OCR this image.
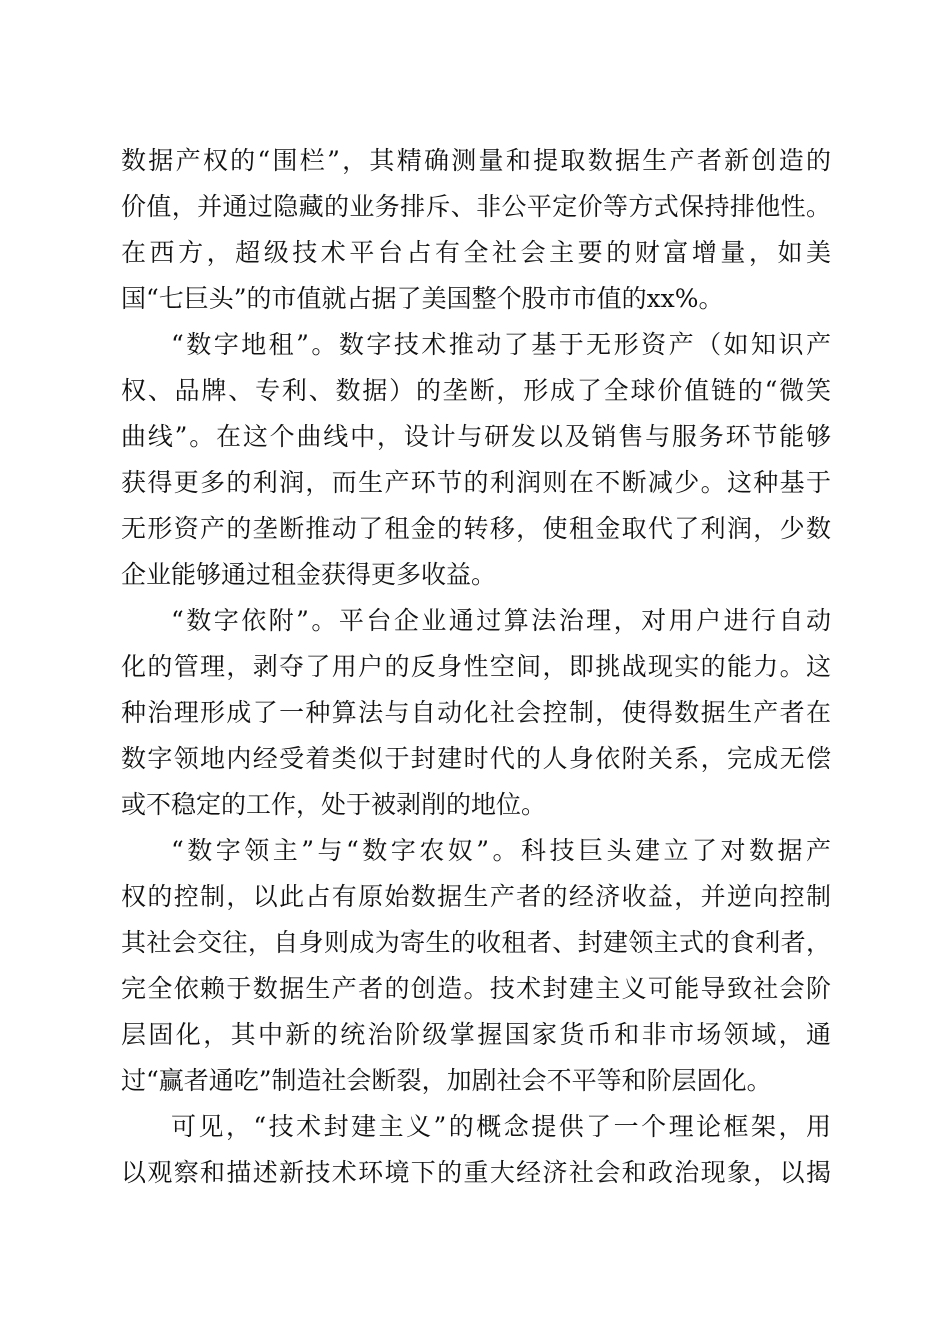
数据产权的“围栏”，其精确测量和提取数据生产者新创造的

价值，并通过隐藏的业务排斥、非公平定价等方式保持排他性。

在西方，超级技术平台占有全社会主要的财富增量，如美

国“七巨头”的市值就占据了美国整个股市市值的xx%。

“数字地租”。数字技术推动了基于无形资产（如知识产

权、品牌、专利、数据）的垄断，形成了全球价值链的“微笑

曲线”。在这个曲线中，设计与研发以及销售与服务环节能够

获得更多的利润，而生产环节的利润则在不断减少。这种基于

无形资产的垄断推动了租金的转移，使租金取代了利润，少数

企业能够通过租金获得更多收益。

“数字依附”。平台企业通过算法治理，对用户进行自动

化的管理，剥夺了用户的反身性空间，即挑战现实的能力。这

种治理形成了一种算法与自动化社会控制，使得数据生产者在

数字领地内经受着类似于封建时代的人身依附关系，完成无偿

或不稳定的工作，处于被剥削的地位。

“数字领主”与“数字农奴”。科技巨头建立了对数据产

权的控制，以此占有原始数据生产者的经济收益，并逆向控制

其社会交往，自身则成为寄生的收租者、封建领主式的食利者，

完全依赖于数据生产者的创造。技术封建主义可能导致社会阶

层固化，其中新的统治阶级掌握国家货币和非市场领域，通

过“赢者通吃”制造社会断裂，加剧社会不平等和阶层固化。

可见，“技术封建主义”的概念提供了一个理论框架，用

以观察和描述新技术环境下的重大经济社会和政治现象，以揭
